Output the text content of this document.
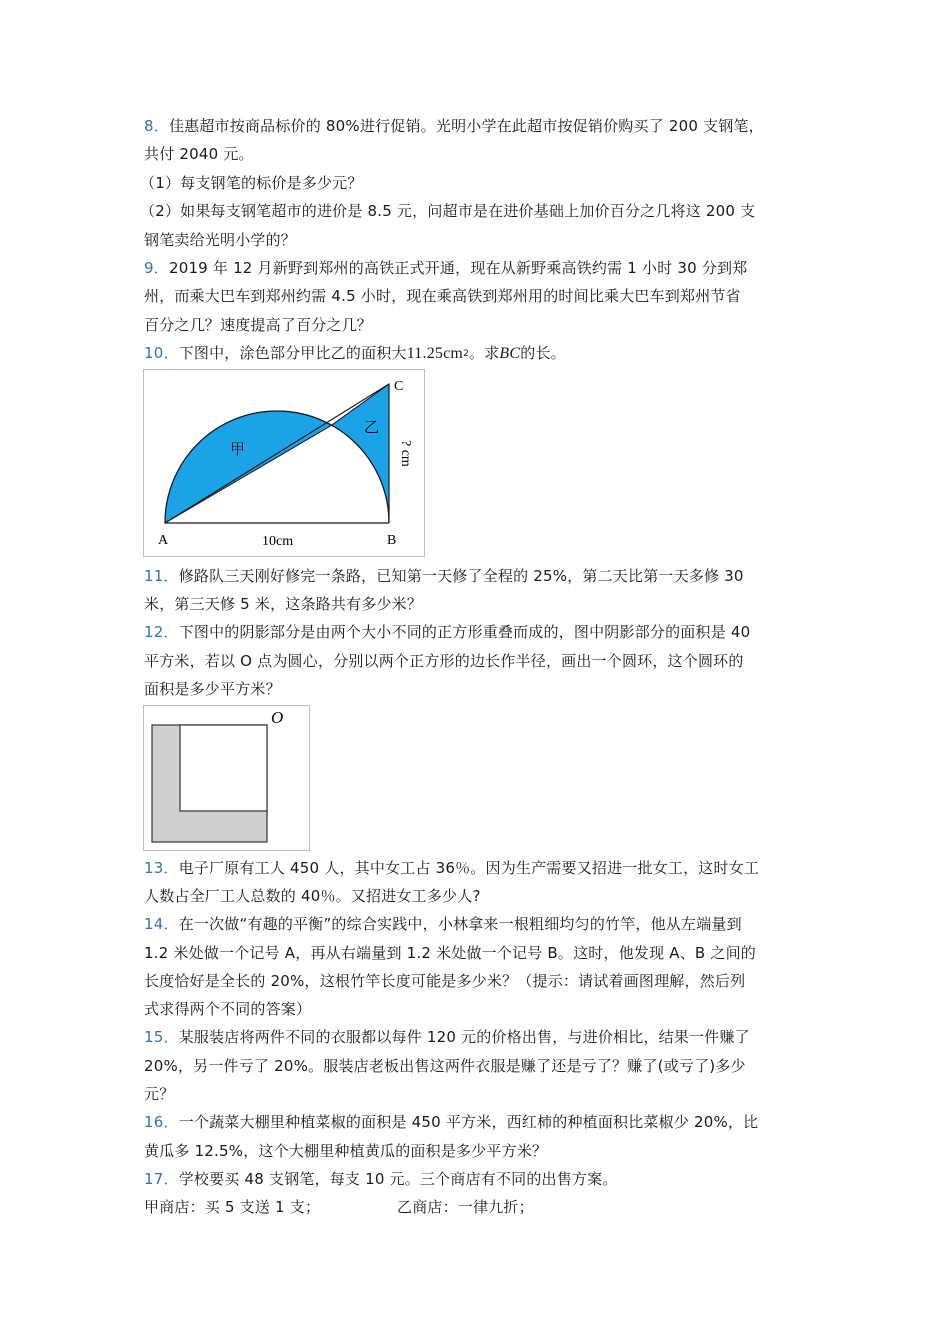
8．佳惠超市按商品标价的 80%进行促销。光明小学在此超市按促销价购买了 200 支钢笔，
共付 2040 元。
（1）每支钢笔的标价是多少元？
（2）如果每支钢笔超市的进价是 8.5 元，问超市是在进价基础上加价百分之几将这 200 支
钢笔卖给光明小学的？
9．2019 年 12 月新野到郑州的高铁正式开通，现在从新野乘高铁约需 1 小时 30 分到郑
州，而乘大巴车到郑州约需 4.5 小时，现在乘高铁到郑州用的时间比乘大巴车到郑州节省
百分之几？速度提高了百分之几？
10．下图中，涂色部分甲比乙的面积大$11.25cm^2$。求BC的长。
A	B
C
甲
乙
10cm
? cm
11．修路队三天刚好修完一条路，已知第一天修了全程的 25%，第二天比第一天多修 30
米，第三天修 5 米，这条路共有多少米？
12．下图中的阴影部分是由两个大小不同的正方形重叠而成的，图中阴影部分的面积是 40
平方米，若以 O 点为圆心，分别以两个正方形的边长作半径，画出一个圆环，这个圆环的
面积是多少平方米？
O
13．电子厂原有工人 450 人，其中女工占 36％。因为生产需要又招进一批女工，这时女工
人数占全厂工人总数的 40％。又招进女工多少人?
14．在一次做“有趣的平衡”的综合实践中，小林拿来一根粗细均匀的竹竿，他从左端量到
1.2 米处做一个记号 A，再从右端量到 1.2 米处做一个记号 B。这时，他发现 A、B 之间的
长度恰好是全长的 20%，这根竹竿长度可能是多少米？（提示：请试着画图理解，然后列
式求得两个不同的答案）
15．某服装店将两件不同的衣服都以每件 120 元的价格出售，与进价相比，结果一件赚了
20%，另一件亏了 20%。服装店老板出售这两件衣服是赚了还是亏了？赚了(或亏了)多少
元？
16．一个蔬菜大棚里种植菜椒的面积是 450 平方米，西红柿的种植面积比菜椒少 20%，比
黄瓜多 12.5%，这个大棚里种植黄瓜的面积是多少平方米？
17．学校要买 48 支钢笔，每支 10 元。三个商店有不同的出售方案。
甲商店：买 5 支送 1 支；	乙商店：一律九折；
